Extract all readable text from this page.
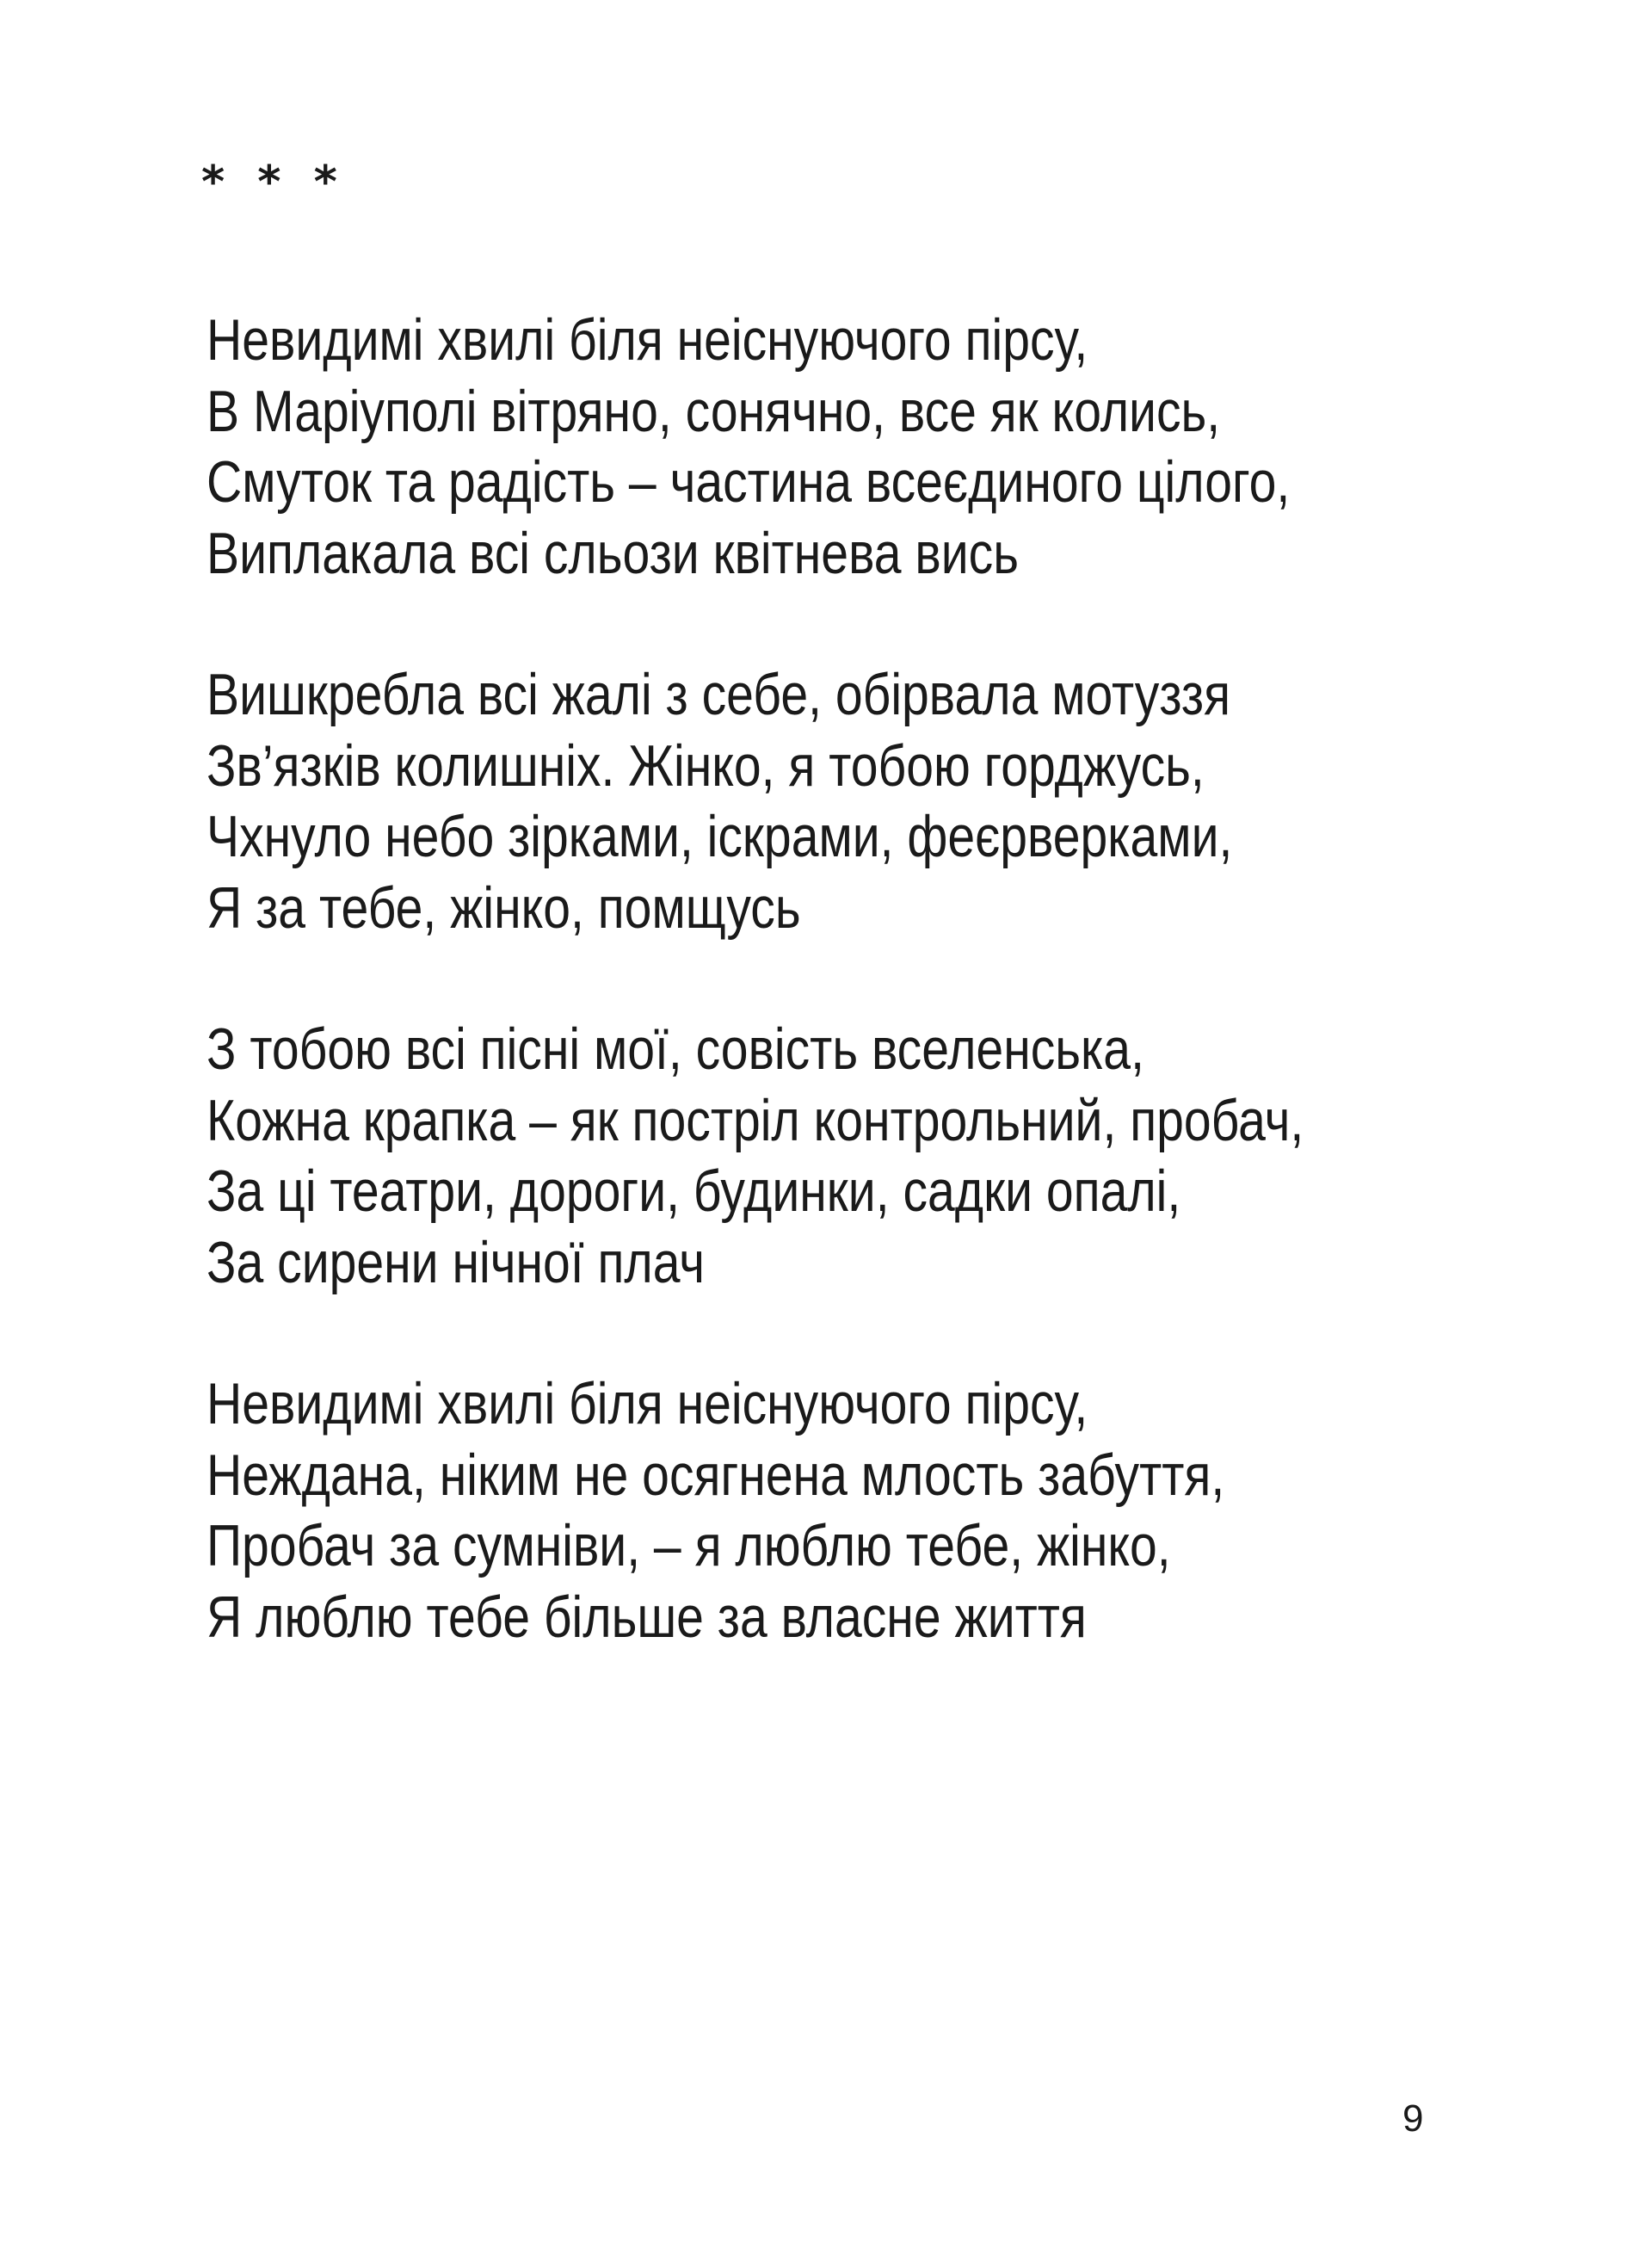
* * *
Невидимі хвилі біля неіснуючого пірсу,
В Маріуполі вітряно, сонячно, все як колись,
Смуток та радість – частина всеєдиного цілого,
Виплакала всі сльози квітнева вись
Вишкребла всі жалі з себе, обірвала мотуззя
Зв’язків колишніх. Жінко, я тобою горджусь,
Чхнуло небо зірками, іскрами, феєрверками,
Я за тебе, жінко, помщусь
З тобою всі пісні мої, совість вселенська,
Кожна крапка – як постріл контрольний, пробач,
За ці театри, дороги, будинки, садки опалі,
За сирени нічної плач
Невидимі хвилі біля неіснуючого пірсу,
Неждана, ніким не осягнена млость забуття,
Пробач за сумніви, – я люблю тебе, жінко,
Я люблю тебе більше за власне життя
9
